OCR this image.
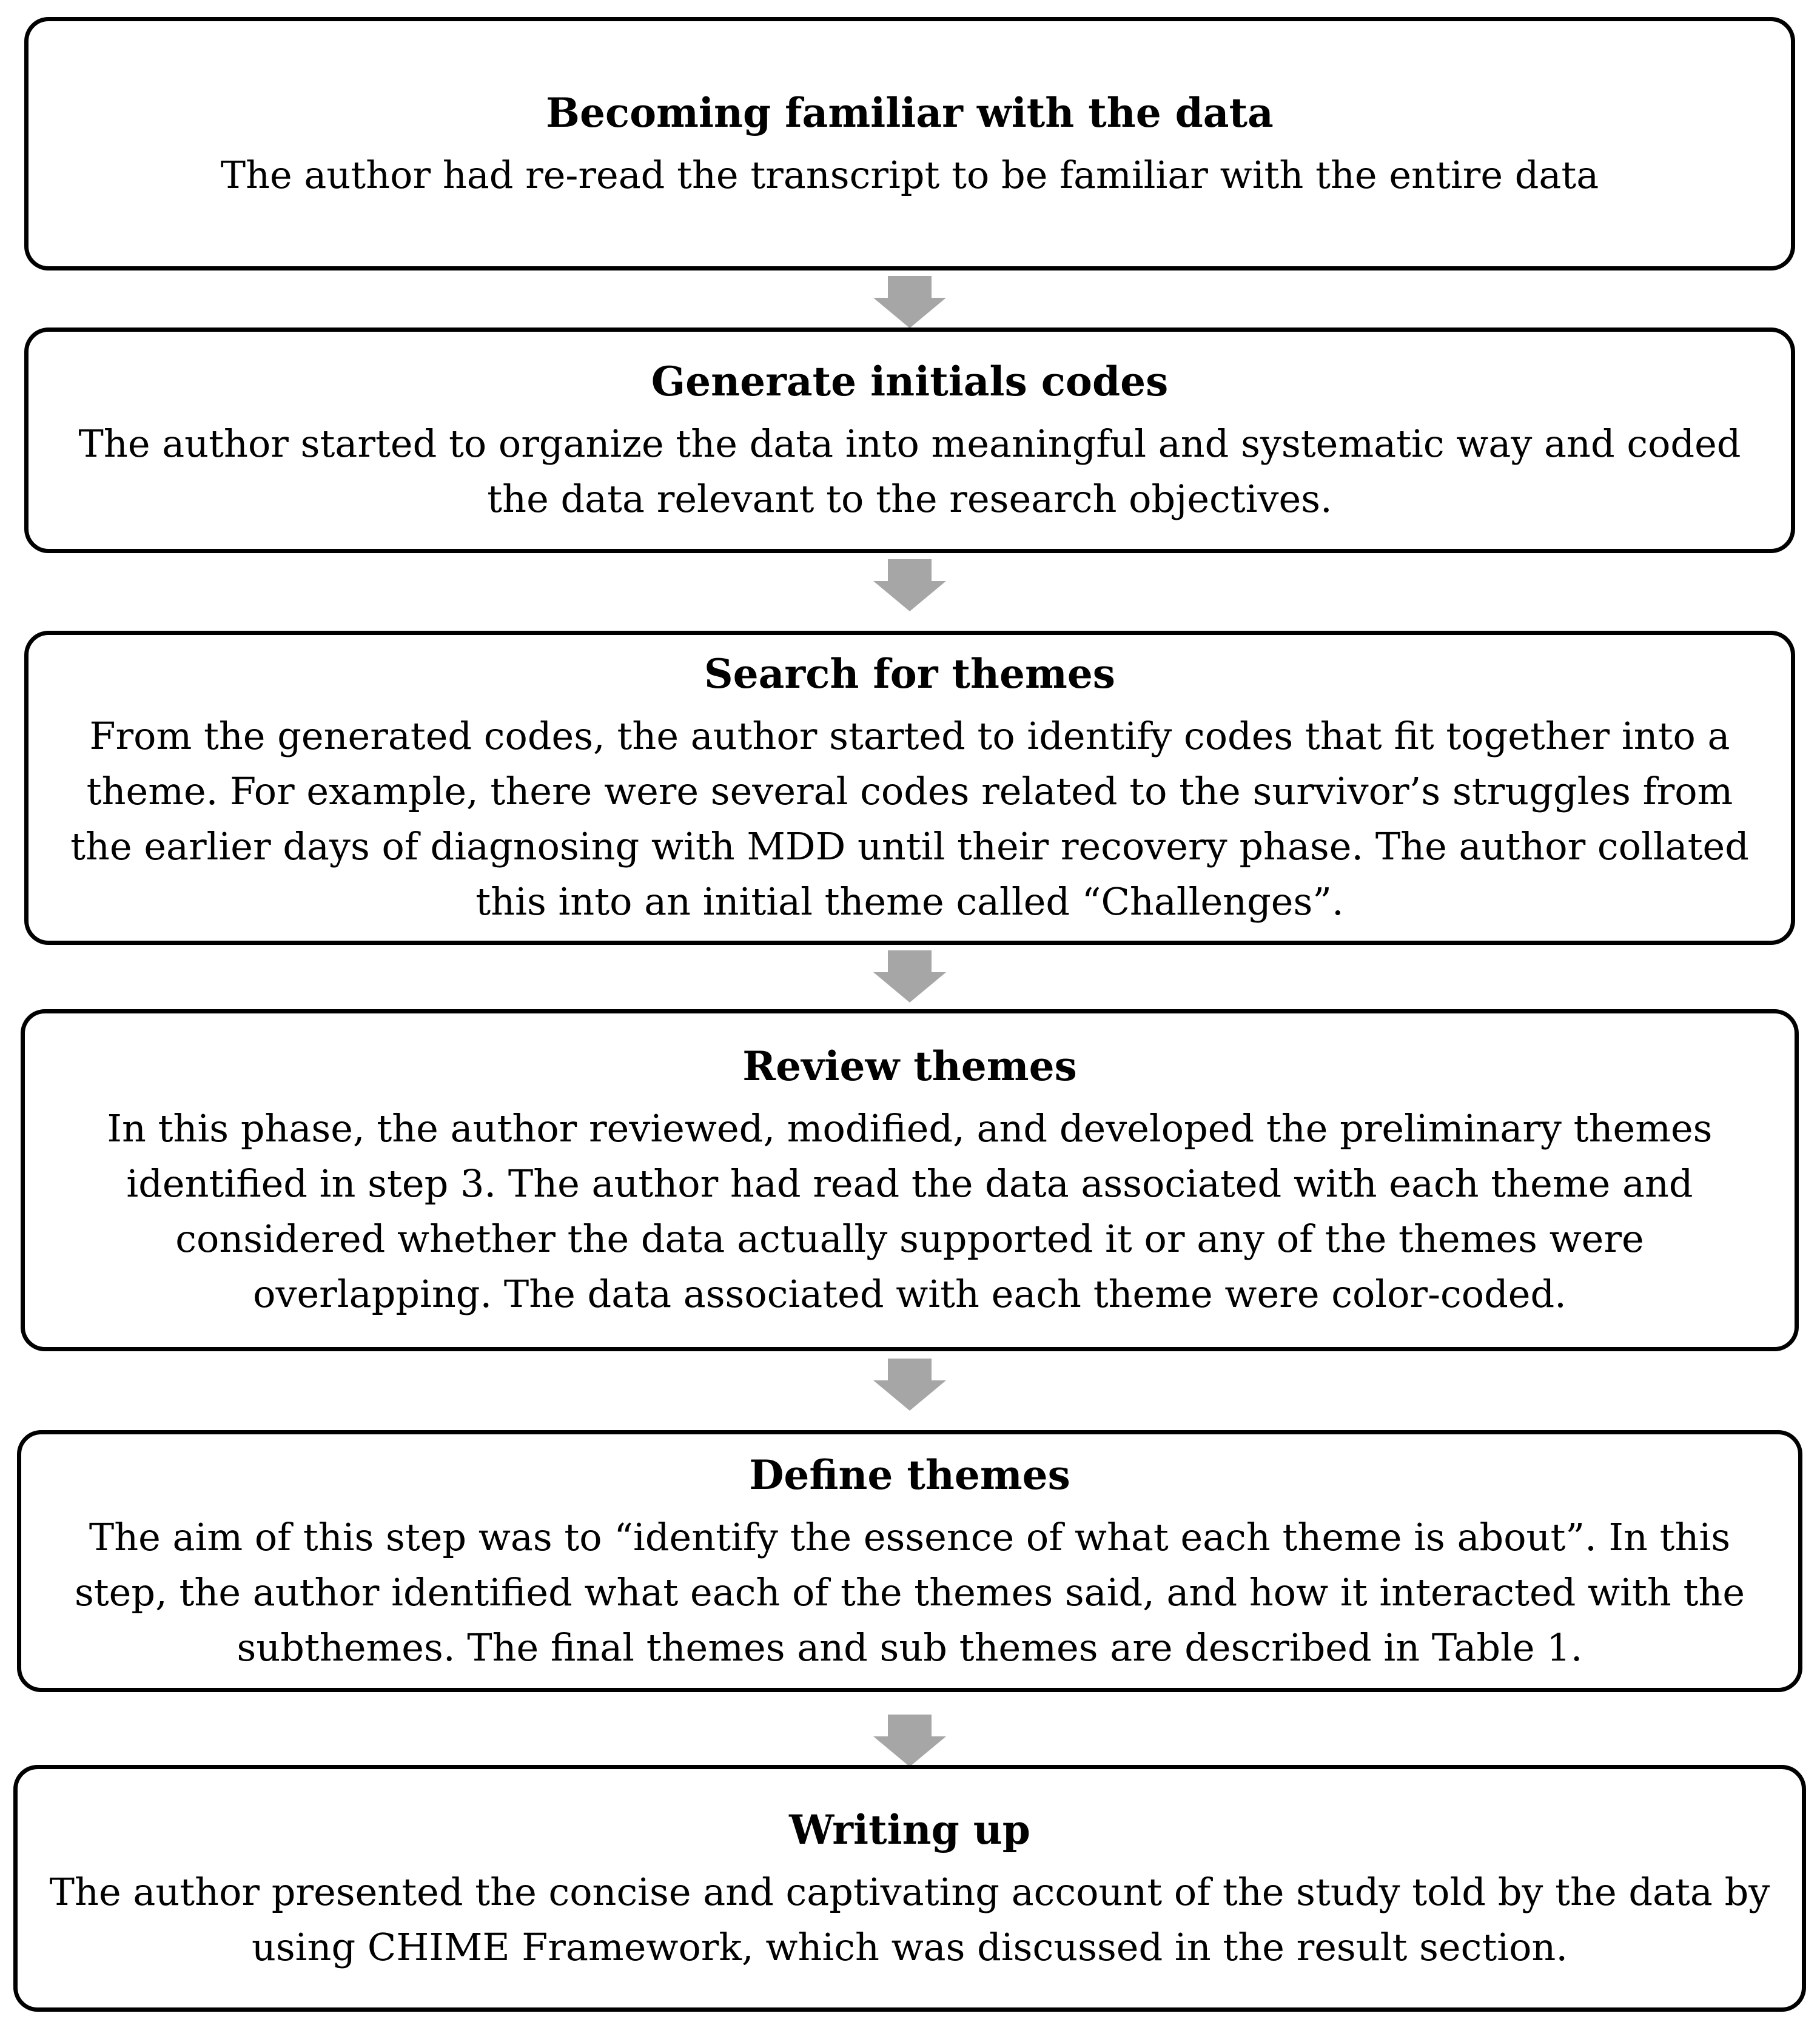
Becoming familiar with the data
The author had re-read the transcript to be familiar with the entire data
Generate initials codes
The author started to organize the data into meaningful and systematic way and coded the data relevant to the research objectives.
Search for themes
From the generated codes, the author started to identify codes that fit together into a theme. For example, there were several codes related to the survivor’s struggles from the earlier days of diagnosing with MDD until their recovery phase. The author collated this into an initial theme called “Challenges”.
Review themes
In this phase, the author reviewed, modified, and developed the preliminary themes identified in step 3. The author had read the data associated with each theme and considered whether the data actually supported it or any of the themes were overlapping. The data associated with each theme were color-coded.
Define themes
The aim of this step was to “identify the essence of what each theme is about”. In this step, the author identified what each of the themes said, and how it interacted with the subthemes. The final themes and sub themes are described in Table 1.
Writing up
The author presented the concise and captivating account of the study told by the data by using CHIME Framework, which was discussed in the result section.
